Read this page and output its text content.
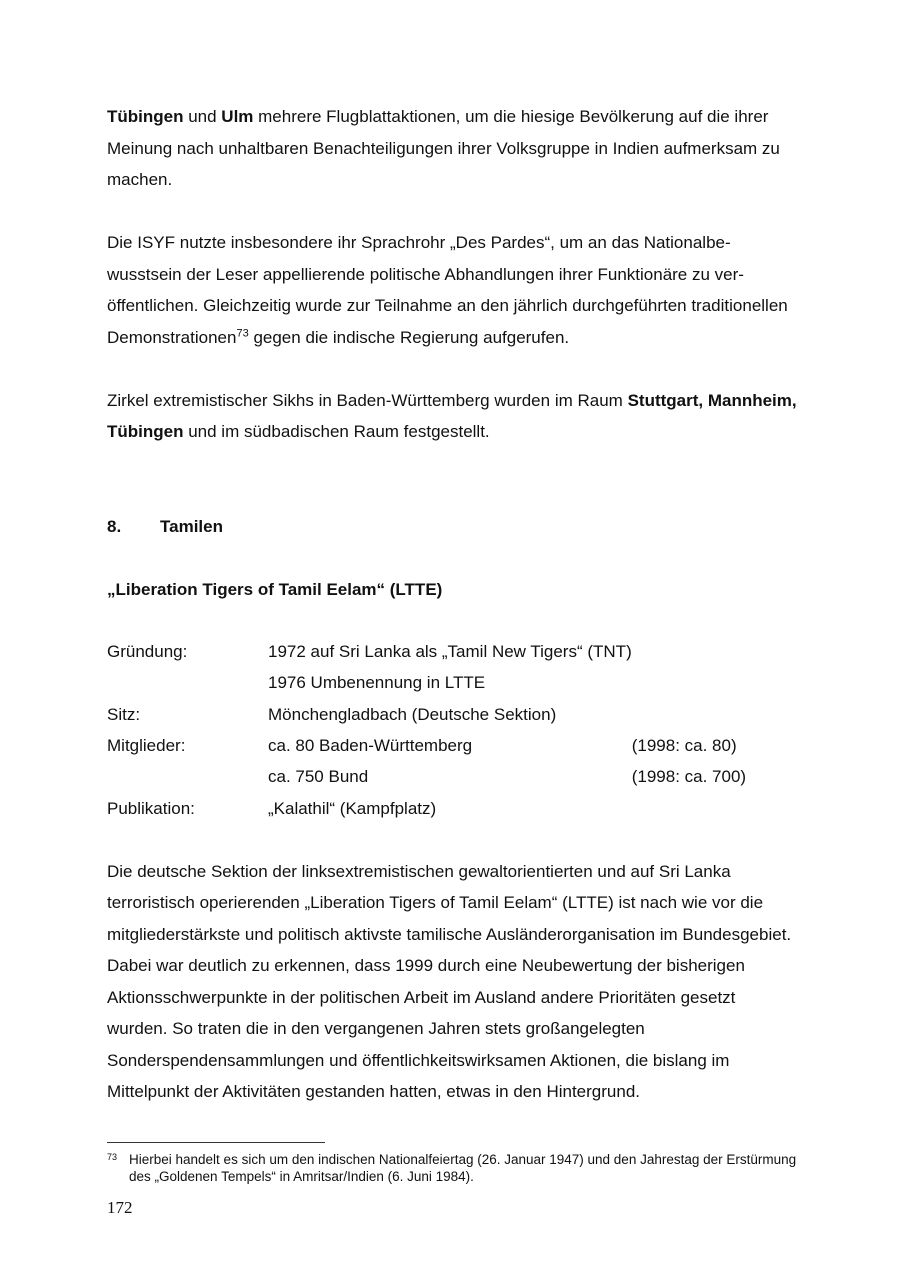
Tübingen und Ulm mehrere Flugblattaktionen, um die hiesige Bevölkerung auf die ihrer Meinung nach unhaltbaren Benachteiligungen ihrer Volksgruppe in Indien aufmerksam zu machen.

Die ISYF nutzte insbesondere ihr Sprachrohr „Des Pardes“, um an das Nationalbewusstsein der Leser appellierende politische Abhandlungen ihrer Funktionäre zu veröffentlichen. Gleichzeitig wurde zur Teilnahme an den jährlich durchgeführten traditionellen Demonstrationen$^{73}$ gegen die indische Regierung aufgerufen.

Zirkel extremistischer Sikhs in Baden-Württemberg wurden im Raum Stuttgart, Mannheim, Tübingen und im südbadischen Raum festgestellt.

8.	Tamilen

„Liberation Tigers of Tamil Eelam“ (LTTE)

Gründung:	1972 auf Sri Lanka als „Tamil New Tigers“ (TNT)	
	1976 Umbenennung in LTTE	
Sitz:	Mönchengladbach (Deutsche Sektion)	
Mitglieder:	ca. 80 Baden-Württemberg	(1998: ca. 80)
	ca. 750 Bund	(1998: ca. 700)
Publikation:	„Kalathil“ (Kampfplatz)	

Die deutsche Sektion der linksextremistischen gewaltorientierten und auf Sri Lanka terroristisch operierenden „Liberation Tigers of Tamil Eelam“ (LTTE) ist nach wie vor die mitgliederstärkste und politisch aktivste tamilische Ausländerorganisation im Bundesgebiet. Dabei war deutlich zu erkennen, dass 1999 durch eine Neubewertung der bisherigen Aktionsschwerpunkte in der politischen Arbeit im Ausland andere Prioritäten gesetzt wurden. So traten die in den vergangenen Jahren stets großangelegten Sonderspendensammlungen und öffentlichkeitswirksamen Aktionen, die bislang im Mittelpunkt der Aktivitäten gestanden hatten, etwas in den Hintergrund.

73 Hierbei handelt es sich um den indischen Nationalfeiertag (26. Januar 1947) und den Jahrestag der Erstürmung des „Goldenen Tempels“ in Amritsar/Indien (6. Juni 1984).
172
